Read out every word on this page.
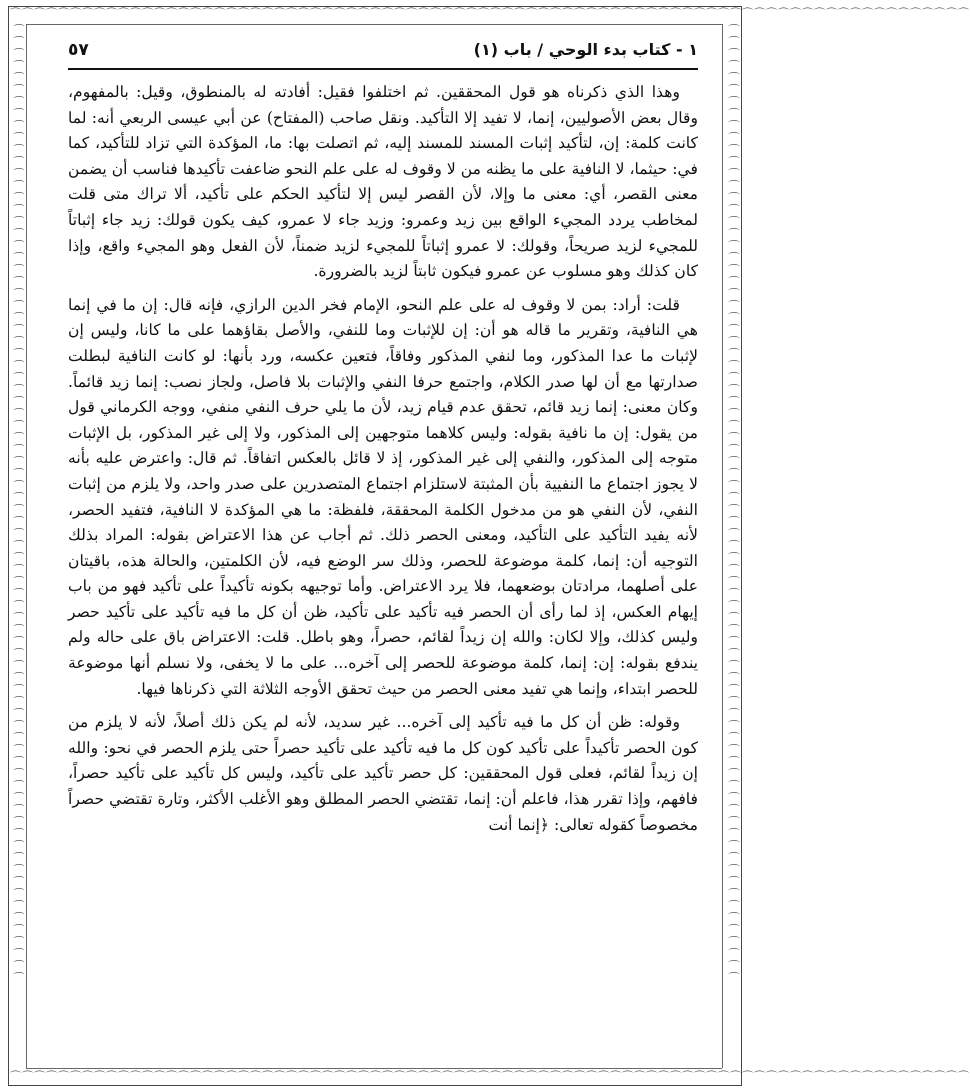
⌒⌒⌒⌒⌒⌒⌒⌒⌒⌒⌒⌒⌒⌒⌒⌒⌒⌒⌒⌒⌒⌒⌒⌒⌒⌒⌒⌒⌒⌒⌒⌒⌒⌒⌒⌒⌒⌒⌒⌒⌒⌒⌒⌒⌒⌒⌒⌒⌒⌒⌒⌒⌒⌒⌒⌒⌒⌒⌒⌒⌒⌒⌒⌒⌒⌒⌒⌒⌒⌒⌒⌒⌒⌒⌒⌒⌒⌒⌒⌒
⌒⌒⌒⌒⌒⌒⌒⌒⌒⌒⌒⌒⌒⌒⌒⌒⌒⌒⌒⌒⌒⌒⌒⌒⌒⌒⌒⌒⌒⌒⌒⌒⌒⌒⌒⌒⌒⌒⌒⌒⌒⌒⌒⌒⌒⌒⌒⌒⌒⌒⌒⌒⌒⌒⌒⌒⌒⌒⌒⌒⌒⌒⌒⌒⌒⌒⌒⌒⌒⌒⌒⌒⌒⌒⌒⌒⌒⌒⌒⌒
⌒⌒⌒⌒⌒⌒⌒⌒⌒⌒⌒⌒⌒⌒⌒⌒⌒⌒⌒⌒⌒⌒⌒⌒⌒⌒⌒⌒⌒⌒⌒⌒⌒⌒⌒⌒⌒⌒⌒⌒⌒⌒⌒⌒⌒⌒⌒⌒⌒⌒⌒⌒⌒⌒⌒⌒⌒⌒⌒⌒⌒⌒⌒⌒⌒⌒⌒⌒⌒⌒⌒⌒⌒⌒⌒⌒⌒⌒⌒⌒	⌒⌒⌒⌒⌒⌒⌒⌒⌒⌒⌒⌒⌒⌒⌒⌒⌒⌒⌒⌒⌒⌒⌒⌒⌒⌒⌒⌒⌒⌒⌒⌒⌒⌒⌒⌒⌒⌒⌒⌒⌒⌒⌒⌒⌒⌒⌒⌒⌒⌒⌒⌒⌒⌒⌒⌒⌒⌒⌒⌒⌒⌒⌒⌒⌒⌒⌒⌒⌒⌒⌒⌒⌒⌒⌒⌒⌒⌒⌒⌒
١ - كتاب بدء الوحي / باب (١)
٥٧

وهذا الذي ذكرناه هو قول المحققين. ثم اختلفوا فقيل: أفادته له بالمنطوق، وقيل: بالمفهوم، وقال بعض الأصوليين، إنما، لا تفيد إلا التأكيد. ونقل صاحب (المفتاح) عن أبي عيسى الربعي أنه: لما كانت كلمة: إن، لتأكيد إثبات المسند للمسند إليه، ثم اتصلت بها: ما، المؤكدة التي تزاد للتأكيد، كما في: حيثما، لا النافية على ما يظنه من لا وقوف له على علم النحو ضاعفت تأكيدها فناسب أن يضمن معنى القصر، أي: معنى ما وإلا، لأن القصر ليس إلا لتأكيد الحكم على تأكيد، ألا تراك متى قلت لمخاطب يردد المجيء الواقع بين زيد وعمرو: وزيد جاء لا عمرو، كيف يكون قولك: زيد جاء إثباتاً للمجيء لزيد صريحاً، وقولك: لا عمرو إثباتاً للمجيء لزيد ضمناً، لأن الفعل وهو المجيء واقع، وإذا كان كذلك وهو مسلوب عن عمرو فيكون ثابتاً لزيد بالضرورة.

قلت: أراد: بمن لا وقوف له على علم النحو، الإمام فخر الدين الرازي، فإنه قال: إن ما في إنما هي النافية، وتقرير ما قاله هو أن: إن للإثبات وما للنفي، والأصل بقاؤهما على ما كانا، وليس إن لإثبات ما عدا المذكور، وما لنفي المذكور وفاقاً، فتعين عكسه، ورد بأنها: لو كانت النافية لبطلت صدارتها مع أن لها صدر الكلام، واجتمع حرفا النفي والإثبات بلا فاصل، ولجاز نصب: إنما زيد قائماً. وكان معنى: إنما زيد قائم، تحقق عدم قيام زيد، لأن ما يلي حرف النفي منفي، ووجه الكرماني قول من يقول: إن ما نافية بقوله: وليس كلاهما متوجهين إلى المذكور، ولا إلى غير المذكور، بل الإثبات متوجه إلى المذكور، والنفي إلى غير المذكور، إذ لا قائل بالعكس اتفاقاً. ثم قال: واعترض عليه بأنه لا يجوز اجتماع ما النفيية بأن المثبتة لاستلزام اجتماع المتصدرين على صدر واحد، ولا يلزم من إثبات النفي، لأن النفي هو من مدخول الكلمة المحققة، فلفظة: ما هي المؤكدة لا النافية، فتفيد الحصر، لأنه يفيد التأكيد على التأكيد، ومعنى الحصر ذلك. ثم أجاب عن هذا الاعتراض بقوله: المراد بذلك التوجيه أن: إنما، كلمة موضوعة للحصر، وذلك سر الوضع فيه، لأن الكلمتين، والحالة هذه، باقيتان على أصلهما، مرادتان بوضعهما، فلا يرد الاعتراض. وأما توجيهه بكونه تأكيداً على تأكيد فهو من باب إيهام العكس، إذ لما رأى أن الحصر فيه تأكيد على تأكيد، ظن أن كل ما فيه تأكيد على تأكيد حصر وليس كذلك، وإلا لكان: والله إن زيداً لقائم، حصراً، وهو باطل. قلت: الاعتراض باق على حاله ولم يندفع بقوله: إن: إنما، كلمة موضوعة للحصر إلى آخره... على ما لا يخفى، ولا نسلم أنها موضوعة للحصر ابتداء، وإنما هي تفيد معنى الحصر من حيث تحقق الأوجه الثلاثة التي ذكرناها فيها.

وقوله: ظن أن كل ما فيه تأكيد إلى آخره... غير سديد، لأنه لم يكن ذلك أصلاً، لأنه لا يلزم من كون الحصر تأكيداً على تأكيد كون كل ما فيه تأكيد على تأكيد حصراً حتى يلزم الحصر في نحو: والله إن زيداً لقائم، فعلى قول المحققين: كل حصر تأكيد على تأكيد، وليس كل تأكيد على تأكيد حصراً، فافهم، وإذا تقرر هذا، فاعلم أن: إنما، تقتضي الحصر المطلق وهو الأغلب الأكثر، وتارة تقتضي حصراً مخصوصاً كقوله تعالى: ﴿إنما أنت
